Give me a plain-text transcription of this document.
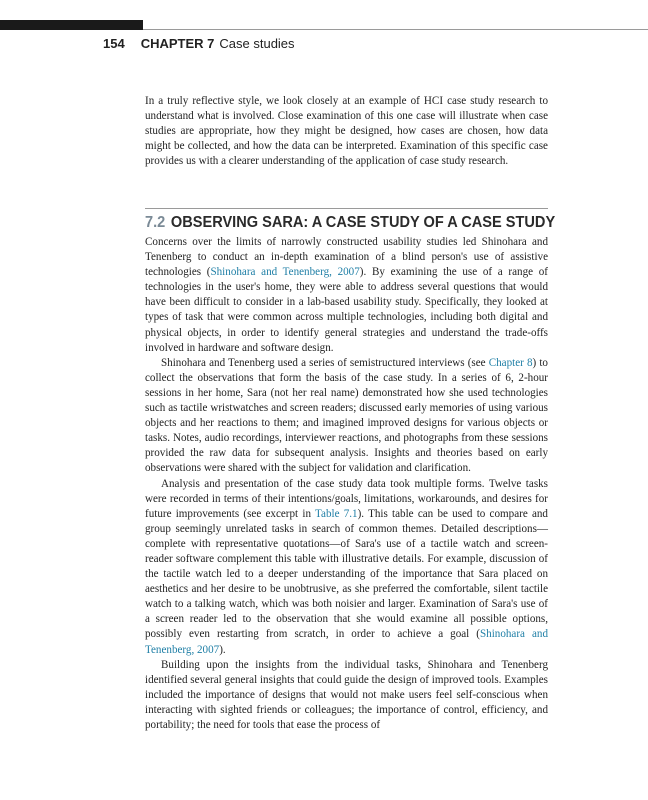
154 CHAPTER 7 Case studies

In a truly reflective style, we look closely at an example of HCI case study research to understand what is involved. Close examination of this one case will illustrate when case studies are appropriate, how they might be designed, how cases are chosen, how data might be collected, and how the data can be interpreted. Examination of this specific case provides us with a clearer understanding of the application of case study research.

7.2 OBSERVING SARA: A CASE STUDY OF A CASE STUDY

Concerns over the limits of narrowly constructed usability studies led Shinohara and Tenenberg to conduct an in-depth examination of a blind person's use of assistive technologies (Shinohara and Tenenberg, 2007). By examining the use of a range of technologies in the user's home, they were able to address several questions that would have been difficult to consider in a lab-based usability study. Specifically, they looked at types of task that were common across multiple technologies, including both digital and physical objects, in order to identify general strategies and understand the trade-offs involved in hardware and software design.

Shinohara and Tenenberg used a series of semistructured interviews (see Chapter 8) to collect the observations that form the basis of the case study. In a series of 6, 2-hour sessions in her home, Sara (not her real name) demonstrated how she used technologies such as tactile wristwatches and screen readers; discussed early memories of using various objects and her reactions to them; and imagined improved designs for various objects or tasks. Notes, audio recordings, interviewer reactions, and photographs from these sessions provided the raw data for subsequent analysis. Insights and theories based on early observations were shared with the subject for validation and clarification.

Analysis and presentation of the case study data took multiple forms. Twelve tasks were recorded in terms of their intentions/goals, limitations, workarounds, and desires for future improvements (see excerpt in Table 7.1). This table can be used to compare and group seemingly unrelated tasks in search of common themes. Detailed descriptions—complete with representative quotations—of Sara's use of a tactile watch and screen-reader software complement this table with illustrative details. For example, discussion of the tactile watch led to a deeper understanding of the importance that Sara placed on aesthetics and her desire to be unobtrusive, as she preferred the comfortable, silent tactile watch to a talking watch, which was both noisier and larger. Examination of Sara's use of a screen reader led to the observation that she would examine all possible options, possibly even restarting from scratch, in order to achieve a goal (Shinohara and Tenenberg, 2007).

Building upon the insights from the individual tasks, Shinohara and Tenenberg identified several general insights that could guide the design of improved tools. Examples included the importance of designs that would not make users feel self-conscious when interacting with sighted friends or colleagues; the importance of control, efficiency, and portability; the need for tools that ease the process of
